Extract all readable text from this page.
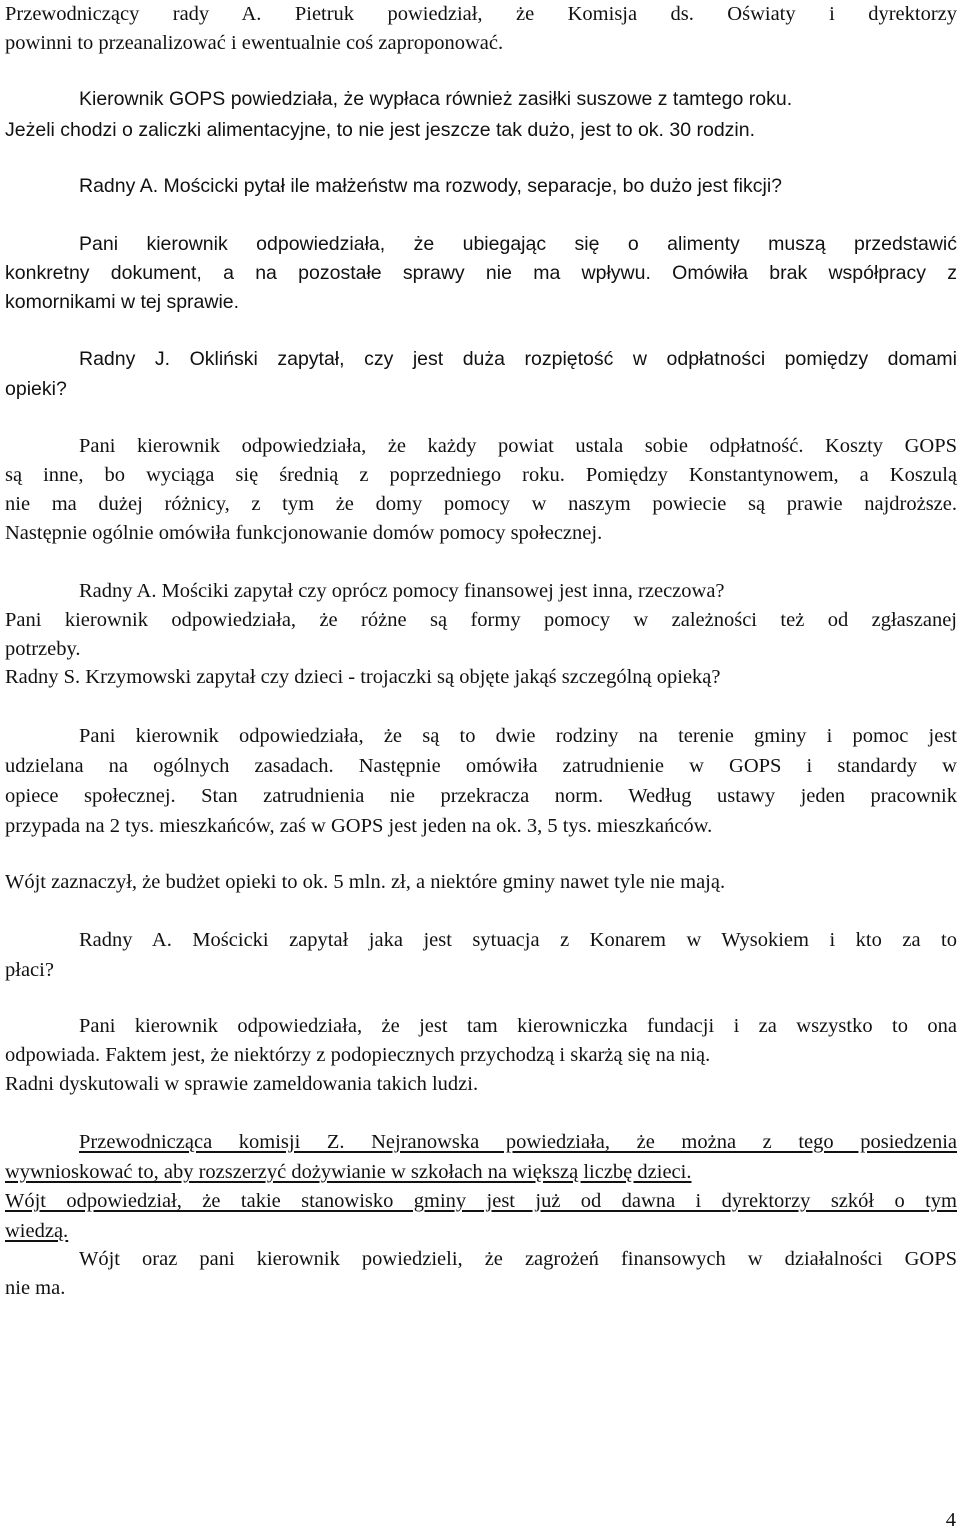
Przewodniczący rady A. Pietruk powiedział, że Komisja ds. Oświaty i dyrektorzy
powinni to przeanalizować i ewentualnie coś zaproponować.
Kierownik GOPS powiedziała, że wypłaca również zasiłki suszowe z tamtego roku.
Jeżeli chodzi o zaliczki alimentacyjne, to nie jest jeszcze tak dużo, jest to ok. 30 rodzin.
Radny A. Mościcki pytał ile małżeństw ma rozwody, separacje, bo dużo jest fikcji?
Pani kierownik odpowiedziała, że ubiegając się o alimenty muszą przedstawić
konkretny dokument, a na pozostałe sprawy nie ma wpływu. Omówiła brak współpracy z
komornikami w tej sprawie.
Radny J. Okliński zapytał, czy jest duża rozpiętość w odpłatności pomiędzy domami
opieki?
Pani kierownik odpowiedziała, że każdy powiat ustala sobie odpłatność. Koszty GOPS
są inne, bo wyciąga się średnią z poprzedniego roku. Pomiędzy Konstantynowem, a Koszulą
nie ma dużej różnicy, z tym że domy pomocy w naszym powiecie są prawie najdroższe.
Następnie ogólnie omówiła funkcjonowanie domów pomocy społecznej.
Radny A. Mościki zapytał czy oprócz pomocy finansowej jest inna, rzeczowa?
Pani kierownik odpowiedziała, że różne są formy pomocy w zależności też od zgłaszanej
potrzeby.
Radny S. Krzymowski zapytał czy dzieci - trojaczki są objęte jakąś szczególną opieką?
Pani kierownik odpowiedziała, że są to dwie rodziny na terenie gminy i pomoc jest
udzielana na ogólnych zasadach. Następnie omówiła zatrudnienie w GOPS i standardy w
opiece społecznej. Stan zatrudnienia nie przekracza norm. Według ustawy jeden pracownik
przypada na 2 tys. mieszkańców, zaś w GOPS jest jeden na ok. 3, 5 tys. mieszkańców.
Wójt zaznaczył, że budżet opieki to ok. 5 mln. zł, a niektóre gminy nawet tyle nie mają.
Radny A. Mościcki zapytał jaka jest sytuacja z Konarem w Wysokiem i kto za to
płaci?
Pani kierownik odpowiedziała, że jest tam kierowniczka fundacji i za wszystko to ona
odpowiada. Faktem jest, że niektórzy z podopiecznych przychodzą i skarżą się na nią.
Radni dyskutowali w sprawie zameldowania takich ludzi.
Przewodnicząca komisji Z. Nejranowska powiedziała, że można z tego posiedzenia
wywnioskować to, aby rozszerzyć dożywianie w szkołach na większą liczbę dzieci.
Wójt odpowiedział, że takie stanowisko gminy jest już od dawna i dyrektorzy szkół o tym
wiedzą.
Wójt oraz pani kierownik powiedzieli, że zagrożeń finansowych w działalności GOPS
nie ma.
4
